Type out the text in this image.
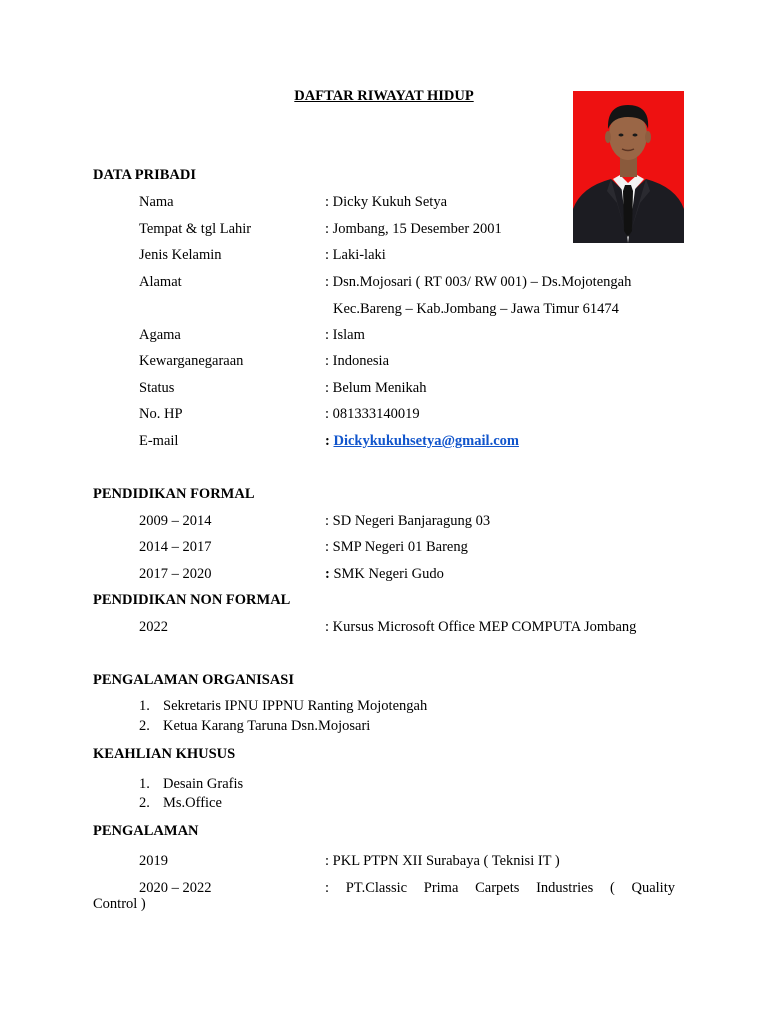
DAFTAR RIWAYAT HIDUP
DATA PRIBADI
Nama	: Dicky Kukuh Setya
Tempat & tgl Lahir	: Jombang, 15 Desember 2001
Jenis Kelamin	: Laki-laki
Alamat	: Dsn.Mojosari ( RT 003/ RW 001) – Ds.Mojotengah
Kec.Bareng – Kab.Jombang – Jawa Timur 61474
Agama	: Islam
Kewarganegaraan	: Indonesia
Status	: Belum Menikah
No. HP	: 081333140019
E-mail	: Dickykukuhsetya@gmail.com
PENDIDIKAN FORMAL
2009 – 2014	: SD Negeri Banjaragung 03
2014 – 2017	: SMP Negeri 01 Bareng
2017 – 2020	: SMK Negeri Gudo
PENDIDIKAN NON FORMAL
2022	: Kursus Microsoft Office MEP COMPUTA Jombang
PENGALAMAN ORGANISASI
1. Sekretaris IPNU IPPNU Ranting Mojotengah
2. Ketua Karang Taruna Dsn.Mojosari
KEAHLIAN KHUSUS
1. Desain Grafis
2. Ms.Office
PENGALAMAN
2019	: PKL PTPN XII Surabaya ( Teknisi IT )
2020 – 2022	: PT.Classic Prima Carpets Industries ( Quality
Control )
